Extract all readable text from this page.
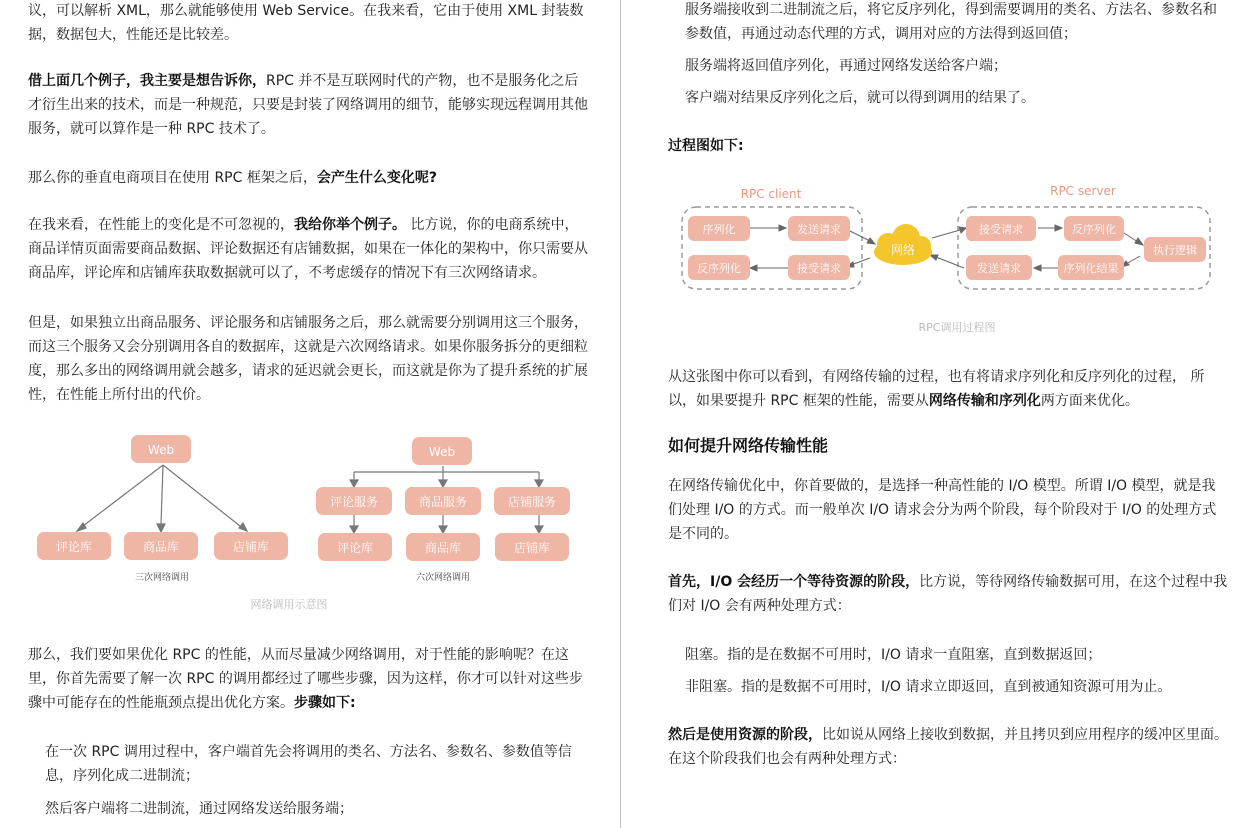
议，可以解析 XML，那么就能够使用 Web Service。在我来看，它由于使用 XML 封装数
据，数据包大，性能还是比较差。

借上面几个例子，我主要是想告诉你，RPC 并不是互联网时代的产物，也不是服务化之后才衍生出来的技术，而是一种规范，只要是封装了网络调用的细节，能够实现远程调用其他服务，就可以算作是一种 RPC 技术了。

那么你的垂直电商项目在使用 RPC 框架之后，会产生什么变化呢?

在我来看，在性能上的变化是不可忽视的，我给你举个例子。 比方说，你的电商系统中，商品详情页面需要商品数据、评论数据还有店铺数据，如果在一体化的架构中，你只需要从商品库，评论库和店铺库获取数据就可以了，不考虑缓存的情况下有三次网络请求。

但是，如果独立出商品服务、评论服务和店铺服务之后，那么就需要分别调用这三个服务，而这三个服务又会分别调用各自的数据库，这就是六次网络请求。如果你服务拆分的更细粒度，那么多出的网络调用就会越多，请求的延迟就会更长，而这就是你为了提升系统的扩展性，在性能上所付出的代价。

Web
评论库	商品库	店铺库
三次网络调用
Web
评论服务	商品服务	店铺服务
评论库	商品库	店铺库
六次网络调用
网络调用示意图

那么，我们要如果优化 RPC 的性能，从而尽量减少网络调用，对于性能的影响呢？在这里，你首先需要了解一次 RPC 的调用都经过了哪些步骤，因为这样，你才可以针对这些步骤中可能存在的性能瓶颈点提出优化方案。步骤如下:

在一次 RPC 调用过程中，客户端首先会将调用的类名、方法名、参数名、参数值等信息，序列化成二进制流；

然后客户端将二进制流，通过网络发送给服务端；

服务端接收到二进制流之后，将它反序列化，得到需要调用的类名、方法名、参数名和参数值，再通过动态代理的方式，调用对应的方法得到返回值；

服务端将返回值序列化，再通过网络发送给客户端；

客户端对结果反序列化之后，就可以得到调用的结果了。

过程图如下:

RPC client	RPC server
序列化	发送请求
反序列化	接受请求
网络
接受请求	反序列化
执行逻辑
发送请求	序列化结果
RPC调用过程图

从这张图中你可以看到，有网络传输的过程，也有将请求序列化和反序列化的过程， 所以，如果要提升 RPC 框架的性能，需要从网络传输和序列化两方面来优化。

如何提升网络传输性能

在网络传输优化中，你首要做的，是选择一种高性能的 I/O 模型。所谓 I/O 模型，就是我们处理 I/O 的方式。而一般单次 I/O 请求会分为两个阶段，每个阶段对于 I/O 的处理方式是不同的。

首先，I/O 会经历一个等待资源的阶段，比方说，等待网络传输数据可用，在这个过程中我们对 I/O 会有两种处理方式：

阻塞。指的是在数据不可用时，I/O 请求一直阻塞，直到数据返回；

非阻塞。指的是数据不可用时，I/O 请求立即返回，直到被通知资源可用为止。

然后是使用资源的阶段，比如说从网络上接收到数据，并且拷贝到应用程序的缓冲区里面。在这个阶段我们也会有两种处理方式：
